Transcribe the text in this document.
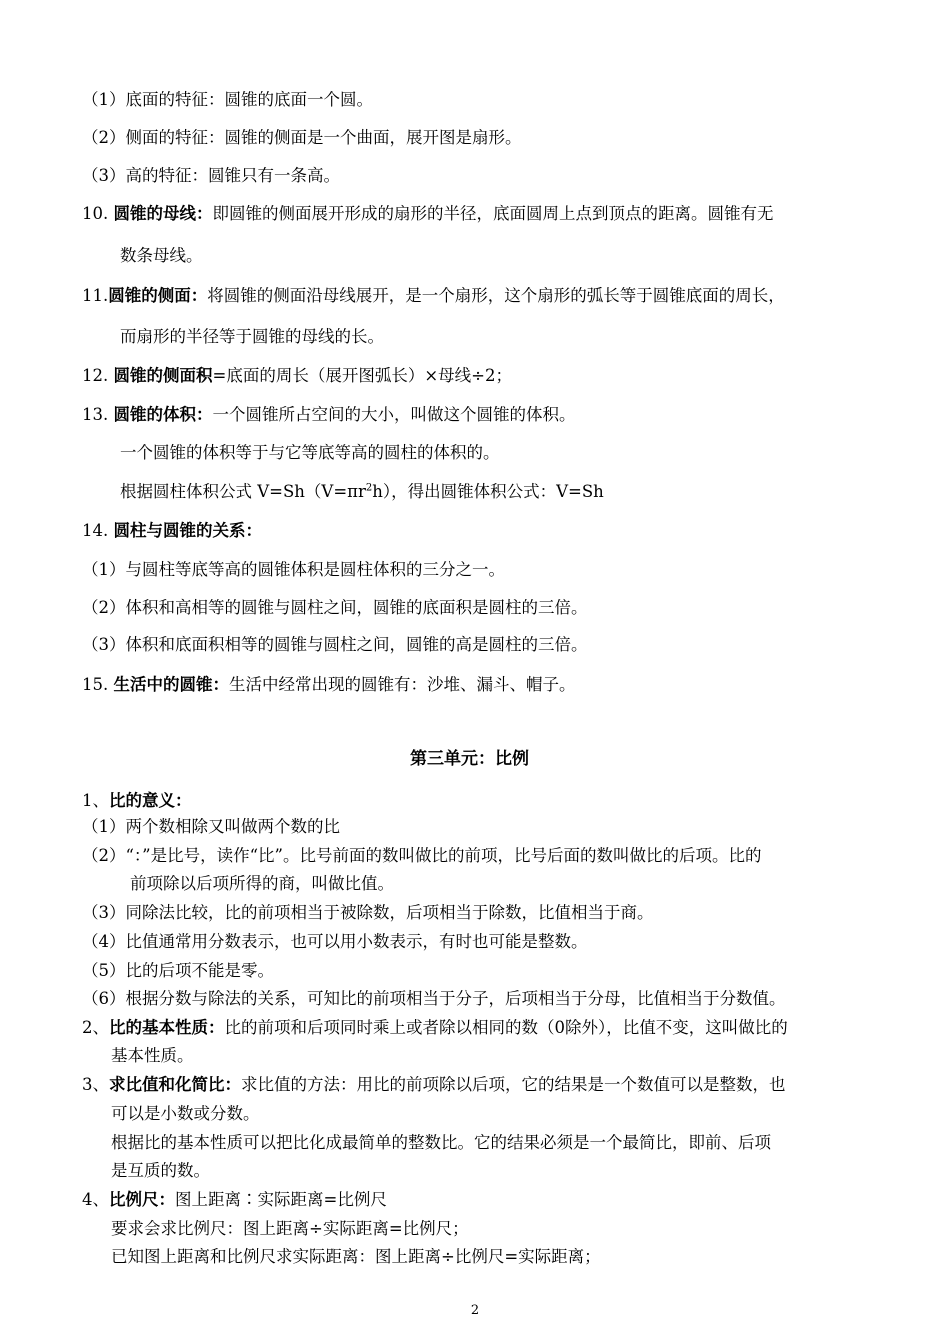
（1）底面的特征：圆锥的底面一个圆。
（2）侧面的特征：圆锥的侧面是一个曲面，展开图是扇形。
（3）高的特征：圆锥只有一条高。
10. 圆锥的母线：即圆锥的侧面展开形成的扇形的半径，底面圆周上点到顶点的距离。圆锥有无
数条母线。
11.圆锥的侧面：将圆锥的侧面沿母线展开，是一个扇形，这个扇形的弧长等于圆锥底面的周长，
而扇形的半径等于圆锥的母线的长。
12. 圆锥的侧面积=底面的周长（展开图弧长）×母线÷2；
13. 圆锥的体积：一个圆锥所占空间的大小，叫做这个圆锥的体积。
一个圆锥的体积等于与它等底等高的圆柱的体积的。
根据圆柱体积公式 $V=Sh(V=\pi r^2h)$，得出圆锥体积公式：V=Sh
14. 圆柱与圆锥的关系：
（1）与圆柱等底等高的圆锥体积是圆柱体积的三分之一。
（2）体积和高相等的圆锥与圆柱之间，圆锥的底面积是圆柱的三倍。
（3）体积和底面积相等的圆锥与圆柱之间，圆锥的高是圆柱的三倍。
15. 生活中的圆锥：生活中经常出现的圆锥有：沙堆、漏斗、帽子。
第三单元：比例
1、比的意义：
（1）两个数相除又叫做两个数的比
（2）“：”是比号，读作“比”。比号前面的数叫做比的前项，比号后面的数叫做比的后项。比的
前项除以后项所得的商，叫做比值。
（3）同除法比较，比的前项相当于被除数，后项相当于除数，比值相当于商。
（4）比值通常用分数表示，也可以用小数表示，有时也可能是整数。
（5）比的后项不能是零。
（6）根据分数与除法的关系，可知比的前项相当于分子，后项相当于分母，比值相当于分数值。
2、比的基本性质：比的前项和后项同时乘上或者除以相同的数（0除外），比值不变，这叫做比的
基本性质。
3、求比值和化简比：求比值的方法：用比的前项除以后项，它的结果是一个数值可以是整数，也
可以是小数或分数。
根据比的基本性质可以把比化成最简单的整数比。它的结果必须是一个最简比，即前、后项
是互质的数。
4、比例尺：图上距离∶实际距离=比例尺
要求会求比例尺：图上距离÷实际距离=比例尺；
已知图上距离和比例尺求实际距离：图上距离÷比例尺=实际距离；
2
